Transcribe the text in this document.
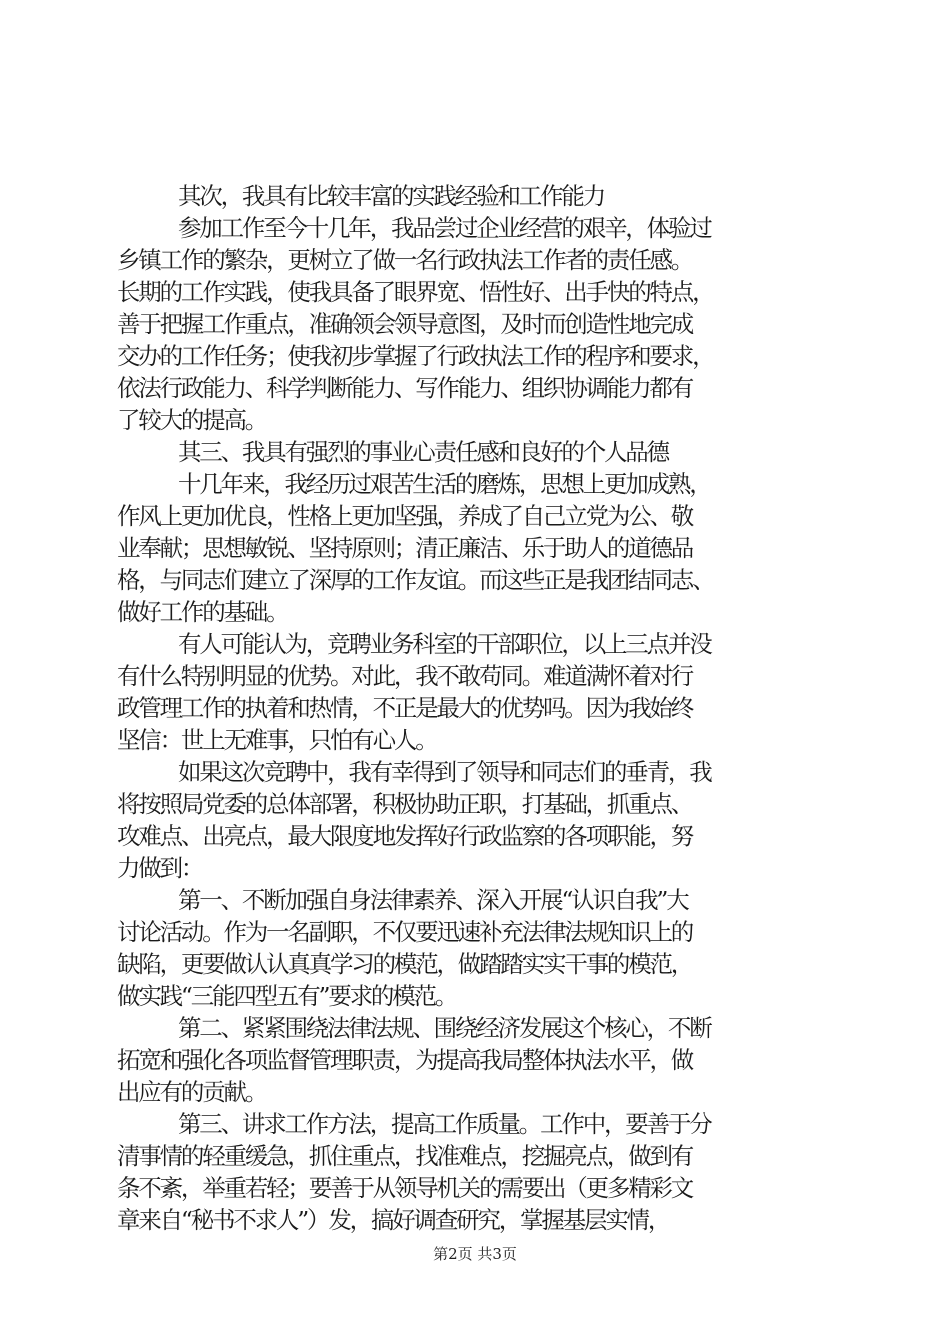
其次，我具有比较丰富的实践经验和工作能力
参加工作至今十几年，我品尝过企业经营的艰辛，体验过
乡镇工作的繁杂，更树立了做一名行政执法工作者的责任感。
长期的工作实践，使我具备了眼界宽、悟性好、出手快的特点，
善于把握工作重点，准确领会领导意图，及时而创造性地完成
交办的工作任务；使我初步掌握了行政执法工作的程序和要求，
依法行政能力、科学判断能力、写作能力、组织协调能力都有
了较大的提高。
其三、我具有强烈的事业心责任感和良好的个人品德
十几年来，我经历过艰苦生活的磨炼，思想上更加成熟，
作风上更加优良，性格上更加坚强，养成了自己立党为公、敬
业奉献；思想敏锐、坚持原则；清正廉洁、乐于助人的道德品
格，与同志们建立了深厚的工作友谊。而这些正是我团结同志、
做好工作的基础。
有人可能认为，竞聘业务科室的干部职位，以上三点并没
有什么特别明显的优势。对此，我不敢苟同。难道满怀着对行
政管理工作的执着和热情，不正是最大的优势吗。因为我始终
坚信：世上无难事，只怕有心人。
如果这次竞聘中，我有幸得到了领导和同志们的垂青，我
将按照局党委的总体部署，积极协助正职，打基础，抓重点、
攻难点、出亮点，最大限度地发挥好行政监察的各项职能，努
力做到：
第一、不断加强自身法律素养、深入开展“认识自我”大
讨论活动。作为一名副职，不仅要迅速补充法律法规知识上的
缺陷，更要做认认真真学习的模范，做踏踏实实干事的模范，
做实践“三能四型五有”要求的模范。
第二、紧紧围绕法律法规、围绕经济发展这个核心，不断
拓宽和强化各项监督管理职责，为提高我局整体执法水平，做
出应有的贡献。
第三、讲求工作方法，提高工作质量。工作中，要善于分
清事情的轻重缓急，抓住重点，找准难点，挖掘亮点，做到有
条不紊，举重若轻；要善于从领导机关的需要出（更多精彩文
章来自“秘书不求人”）发，搞好调查研究，掌握基层实情，
第2页 共3页
